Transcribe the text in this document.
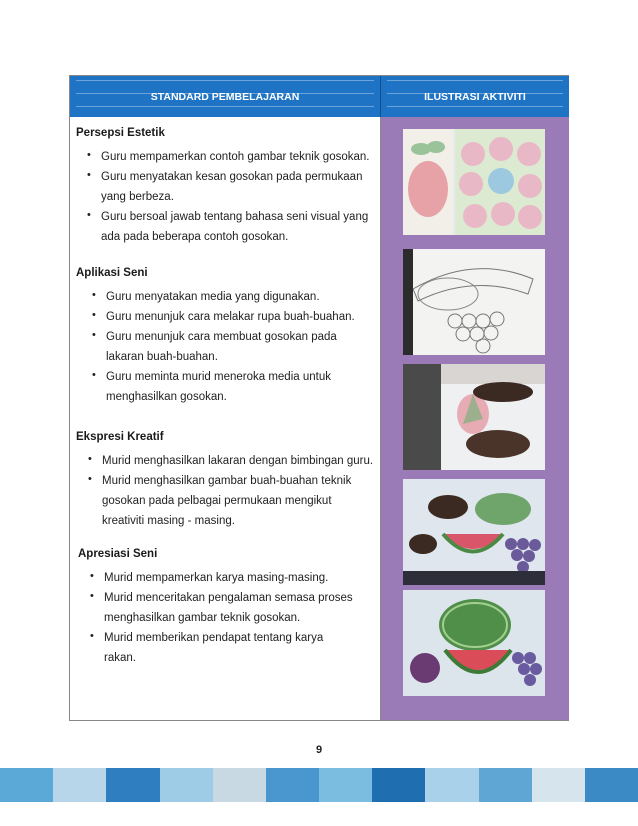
STANDARD PEMBELAJARAN	ILUSTRASI AKTIVITI
Persepsi Estetik
• Guru mempamerkan contoh gambar teknik gosokan.
• Guru menyatakan kesan gosokan pada permukaan
yang berbeza.
• Guru bersoal jawab tentang bahasa seni visual yang
ada pada beberapa contoh gosokan.
Aplikasi Seni
• Guru menyatakan media yang digunakan.
• Guru menunjuk cara melakar rupa buah-buahan.
• Guru menunjuk cara membuat gosokan pada
lakaran buah-buahan.
• Guru meminta murid meneroka media untuk
menghasilkan gosokan.
Ekspresi Kreatif
• Murid menghasilkan lakaran dengan bimbingan guru.
• Murid menghasilkan gambar buah-buahan teknik
gosokan pada pelbagai permukaan mengikut
kreativiti masing - masing.
Apresiasi Seni
• Murid mempamerkan karya masing-masing.
• Murid menceritakan pengalaman semasa proses
menghasilkan gambar teknik gosokan.
• Murid memberikan pendapat tentang karya
rakan.
9
